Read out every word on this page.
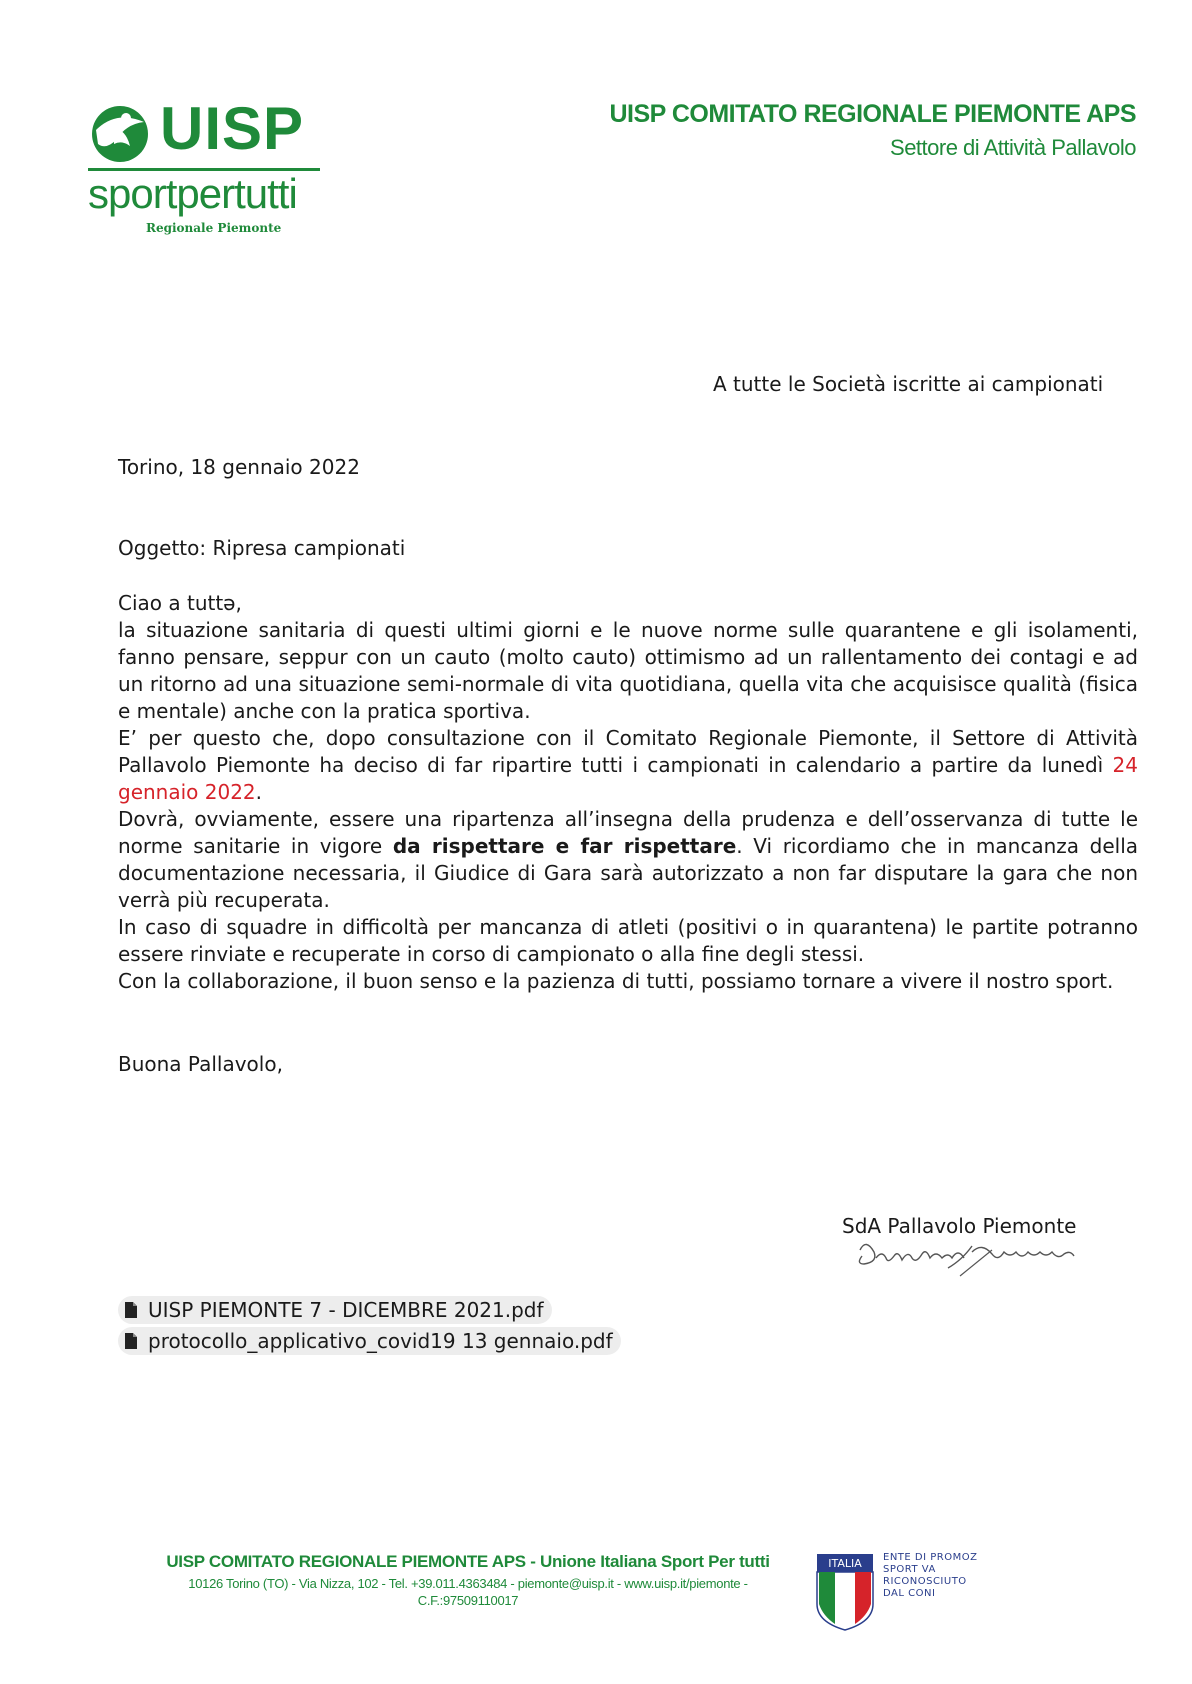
UISP
sportpertutti
Regionale Piemonte
UISP COMITATO REGIONALE PIEMONTE APS
Settore di Attività Pallavolo
A tutte le Società iscritte ai campionati
Torino, 18 gennaio 2022
Oggetto: Ripresa campionati

Ciao a tuttə,

la situazione sanitaria di questi ultimi giorni e le nuove norme sulle quarantene e gli isolamenti, fanno pensare, seppur con un cauto (molto cauto) ottimismo ad un rallentamento dei contagi e ad un ritorno ad una situazione semi-normale di vita quotidiana, quella vita che acquisisce qualità (fisica e mentale) anche con la pratica sportiva.

E’ per questo che, dopo consultazione con il Comitato Regionale Piemonte, il Settore di Attività Pallavolo Piemonte ha deciso di far ripartire tutti i campionati in calendario a partire da lunedì 24 gennaio 2022.

Dovrà, ovviamente, essere una ripartenza all’insegna della prudenza e dell’osservanza di tutte le norme sanitarie in vigore da rispettare e far rispettare. Vi ricordiamo che in mancanza della documentazione necessaria, il Giudice di Gara sarà autorizzato a non far disputare la gara che non verrà più recuperata.

In caso di squadre in difficoltà per mancanza di atleti (positivi o in quarantena) le partite potranno essere rinviate e recuperate in corso di campionato o alla fine degli stessi.

Con la collaborazione, il buon senso e la pazienza di tutti, possiamo tornare a vivere il nostro sport.

Buona Pallavolo,
SdA Pallavolo Piemonte
UISP PIEMONTE 7 - DICEMBRE 2021.pdf
protocollo_applicativo_covid19 13 gennaio.pdf
UISP COMITATO REGIONALE PIEMONTE APS - Unione Italiana Sport Per tutti
10126 Torino (TO) - Via Nizza, 102 - Tel. +39.011.4363484 - piemonte@uisp.it - www.uisp.it/piemonte -
C.F.:97509110017
ITALIA ENTE DI PROMOZ
SPORT VA
RICONOSCIUTO
DAL CONI
